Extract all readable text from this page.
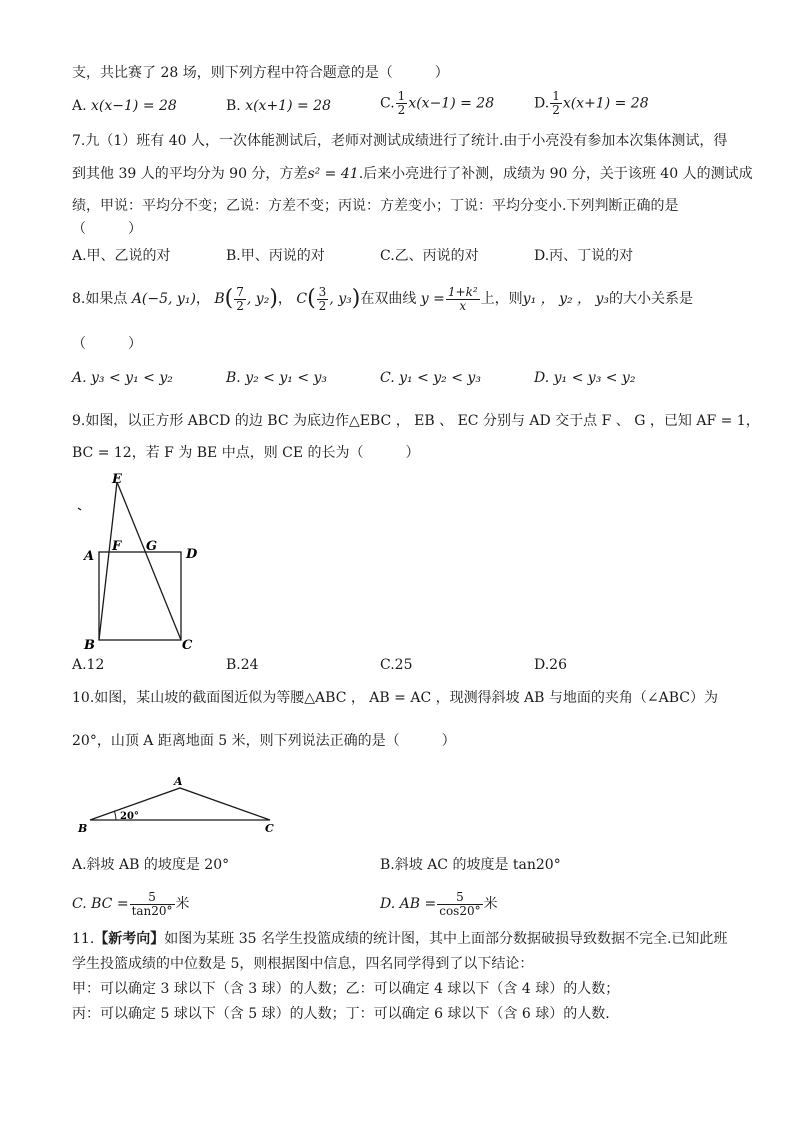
支，共比赛了 28 场，则下列方程中符合题意的是（　　　）
A. x(x−1) = 28	B. x(x+1) = 28	C. $\frac{1}{2} x(x-1) = 28$	D. $\frac{1}{2} x(x+1) = 28$
7.九（1）班有 40 人，一次体能测试后，老师对测试成绩进行了统计.由于小亮没有参加本次集体测试，得
到其他 39 人的平均分为 90 分，方差s² = 41.后来小亮进行了补测，成绩为 90 分，关于该班 40 人的测试成
绩，甲说：平均分不变；乙说：方差不变；丙说：方差变小；丁说：平均分变小.下列判断正确的是
（　　　）
A.甲、乙说的对	B.甲、丙说的对	C.乙、丙说的对	D.丙、丁说的对
8.如果点 A(−5, y₁)， $B( \frac{7}{2}$ , y₂)， $C( \frac{3}{2}$ , y₃)在双曲线 $y = \frac{\text{1+k²}}{x}$ 上，则y₁ ， y₂ ， y₃的大小关系是
（　　　）
A. y₃ < y₁ < y₂	B. y₂ < y₁ < y₃	C. y₁ < y₂ < y₃	D. y₁ < y₃ < y₂
9.如图，以正方形 ABCD 的边 BC 为底边作△EBC ， EB 、 EC 分别与 AD 交于点 F 、 G ，已知 AF = 1，
BC = 12，若 F 为 BE 中点，则 CE 的长为（　　　）
E
A
F G
D
B	C
A.12	B.24	C.25	D.26
10.如图，某山坡的截面图近似为等腰△ABC ， AB = AC ，现测得斜坡 AB 与地面的夹角（∠ABC）为
20°，山顶 A 距离地面 5 米，则下列说法正确的是（　　　）
A
B	C
20°
A.斜坡 AB 的坡度是 20°	B.斜坡 AC 的坡度是 tan20°
C. BC = $\frac{5}{\tan 20^\circ}$ 米	D. AB = $\frac{5}{\cos 20^\circ}$ 米
11.【新考向】如图为某班 35 名学生投篮成绩的统计图，其中上面部分数据破损导致数据不完全.已知此班
学生投篮成绩的中位数是 5，则根据图中信息，四名同学得到了以下结论：
甲：可以确定 3 球以下（含 3 球）的人数；乙：可以确定 4 球以下（含 4 球）的人数；
丙：可以确定 5 球以下（含 5 球）的人数；丁：可以确定 6 球以下（含 6 球）的人数.
